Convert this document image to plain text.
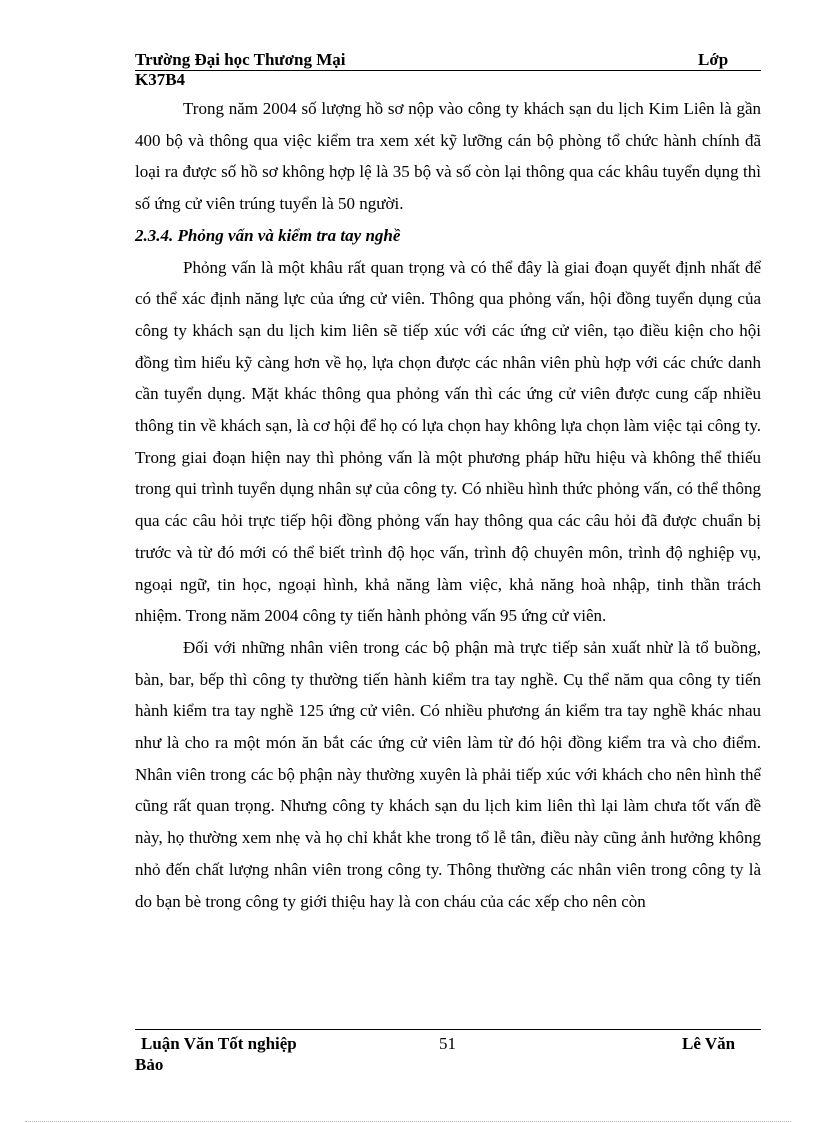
Trường Đại học Thương Mại	Lớp
K37B4

Trong năm 2004 số lượng hồ sơ nộp vào công ty khách sạn du lịch Kim Liên là gần 400 bộ và thông qua việc kiểm tra xem xét kỹ lưỡng cán bộ phòng tổ chức hành chính đã loại ra được số hồ sơ không hợp lệ là 35 bộ và số còn lại thông qua các khâu tuyển dụng thì số ứng cử viên trúng tuyển là 50 người.

2.3.4. Phỏng vấn và kiểm tra tay nghề

Phỏng vấn là một khâu rất quan trọng và có thể đây là giai đoạn quyết định nhất để có thể xác định năng lực của ứng cử viên. Thông qua phỏng vấn, hội đồng tuyển dụng của công ty khách sạn du lịch kim liên sẽ tiếp xúc với các ứng cử viên, tạo điều kiện cho hội đồng tìm hiểu kỹ càng hơn về họ, lựa chọn được các nhân viên phù hợp với các chức danh cần tuyển dụng. Mặt khác thông qua phỏng vấn thì các ứng cử viên được cung cấp nhiều thông tin về khách sạn, là cơ hội để họ có lựa chọn hay không lựa chọn làm việc tại công ty. Trong giai đoạn hiện nay thì phỏng vấn là một phương pháp hữu hiệu và không thể thiếu trong qui trình tuyển dụng nhân sự của công ty. Có nhiều hình thức phỏng vấn, có thể thông qua các câu hỏi trực tiếp hội đồng phỏng vấn hay thông qua các câu hỏi đã được chuẩn bị trước và từ đó mới có thể biết trình độ học vấn, trình độ chuyên môn, trình độ nghiệp vụ, ngoại ngữ, tin học, ngoại hình, khả năng làm việc, khả năng hoà nhập, tinh thần trách nhiệm. Trong năm 2004 công ty tiến hành phỏng vấn 95 ứng cử viên.

Đối với những nhân viên trong các bộ phận mà trực tiếp sản xuất nhừ là tổ buồng, bàn, bar, bếp thì công ty thường tiến hành kiểm tra tay nghề. Cụ thể năm qua công ty tiến hành kiểm tra tay nghề 125 ứng cử viên. Có nhiều phương án kiểm tra tay nghề khác nhau như là cho ra một món ăn bắt các ứng cử viên làm từ đó hội đồng kiểm tra và cho điểm. Nhân viên trong các bộ phận này thường xuyên là phải tiếp xúc với khách cho nên hình thể cũng rất quan trọng. Nhưng công ty khách sạn du lịch kim liên thì lại làm chưa tốt vấn đề này, họ thường xem nhẹ và họ chỉ khắt khe trong tổ lễ tân, điều này cũng ảnh hưởng không nhỏ đến chất lượng nhân viên trong công ty. Thông thường các nhân viên trong công ty là do bạn bè trong công ty giới thiệu hay là con cháu của các xếp cho nên còn

Luận Văn Tốt nghiệp	51	Lê Văn
Bảo
